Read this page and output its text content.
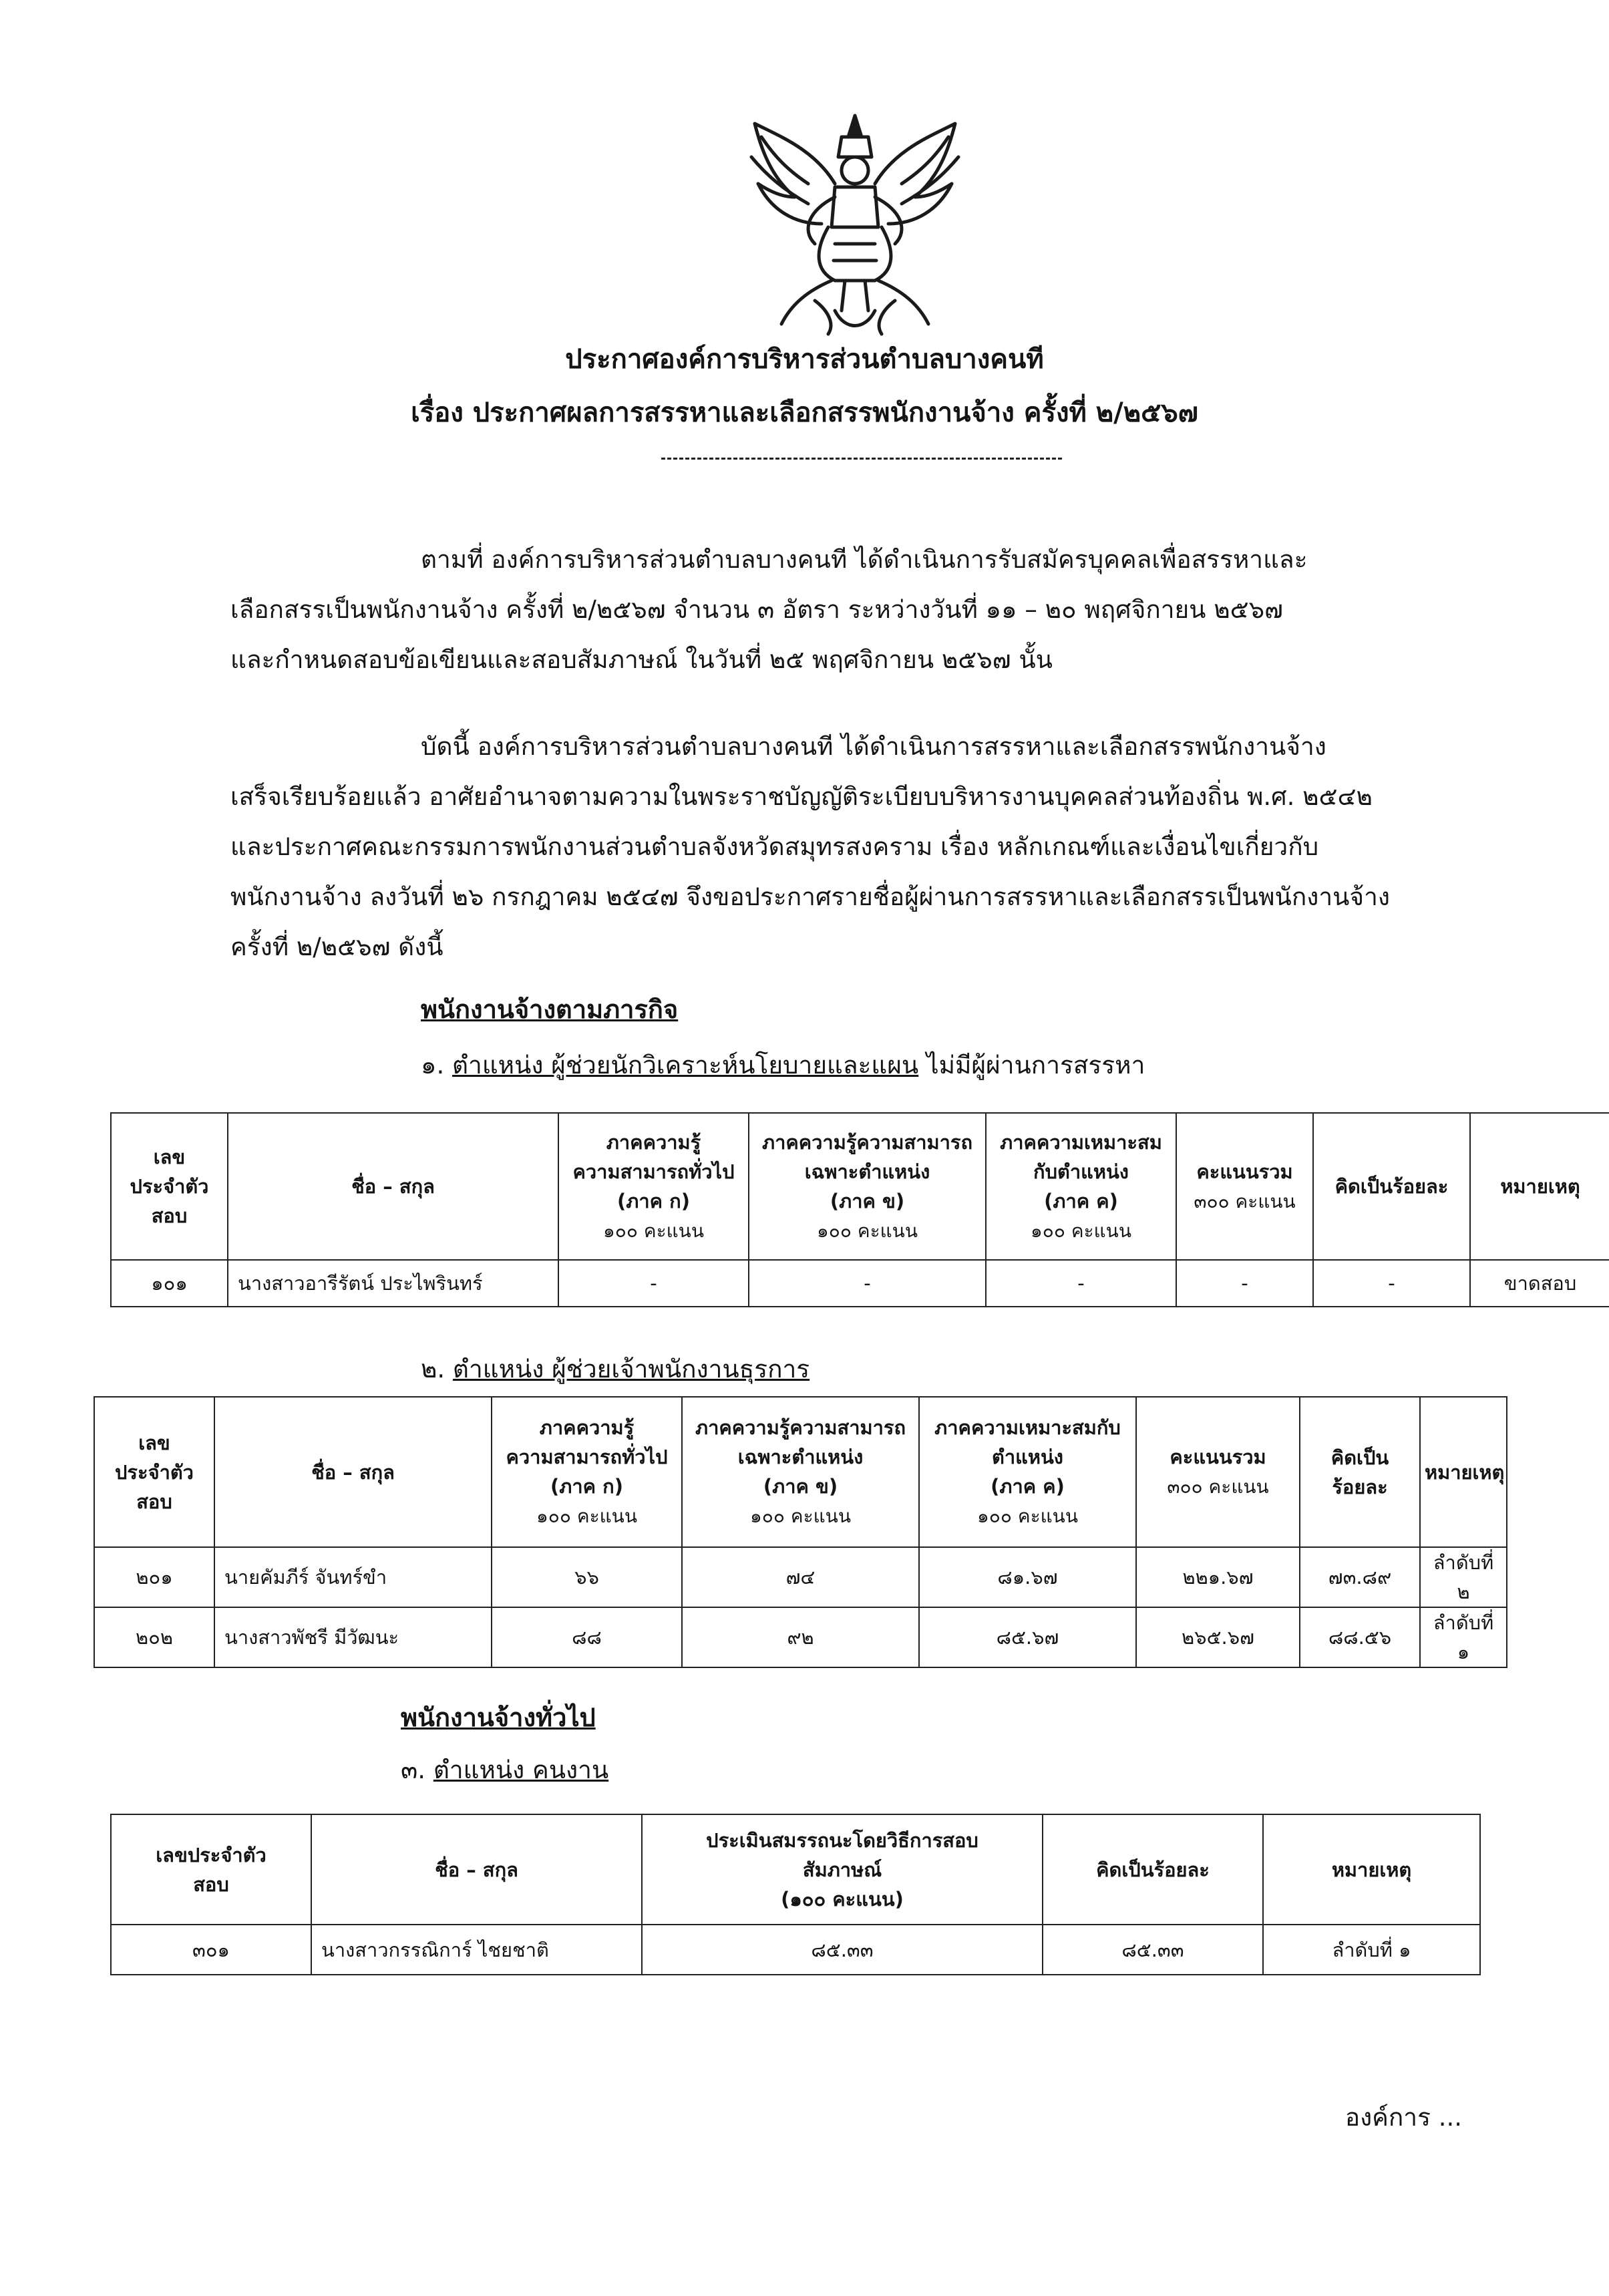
ประกาศองค์การบริหารส่วนตำบลบางคนที
เรื่อง ประกาศผลการสรรหาและเลือกสรรพนักงานจ้าง ครั้งที่ ๒/๒๕๖๗
ตามที่ องค์การบริหารส่วนตำบลบางคนที ได้ดำเนินการรับสมัครบุคคลเพื่อสรรหาและ
เลือกสรรเป็นพนักงานจ้าง ครั้งที่ ๒/๒๕๖๗ จำนวน ๓ อัตรา ระหว่างวันที่ ๑๑ – ๒๐ พฤศจิกายน ๒๕๖๗
และกำหนดสอบข้อเขียนและสอบสัมภาษณ์ ในวันที่ ๒๕ พฤศจิกายน ๒๕๖๗ นั้น
บัดนี้ องค์การบริหารส่วนตำบลบางคนที ได้ดำเนินการสรรหาและเลือกสรรพนักงานจ้าง
เสร็จเรียบร้อยแล้ว อาศัยอำนาจตามความในพระราชบัญญัติระเบียบบริหารงานบุคคลส่วนท้องถิ่น พ.ศ. ๒๕๔๒
และประกาศคณะกรรมการพนักงานส่วนตำบลจังหวัดสมุทรสงคราม เรื่อง หลักเกณฑ์และเงื่อนไขเกี่ยวกับ
พนักงานจ้าง ลงวันที่ ๒๖ กรกฎาคม ๒๕๔๗ จึงขอประกาศรายชื่อผู้ผ่านการสรรหาและเลือกสรรเป็นพนักงานจ้าง
ครั้งที่ ๒/๒๕๖๗ ดังนี้
พนักงานจ้างตามภารกิจ
๑. ตำแหน่ง ผู้ช่วยนักวิเคราะห์นโยบายและแผน ไม่มีผู้ผ่านการสรรหา
เลข
ประจำตัว
สอบ	ชื่อ – สกุล	ภาคความรู้
ความสามารถทั่วไป
(ภาค ก)
๑๐๐ คะแนน	ภาคความรู้ความสามารถ
เฉพาะตำแหน่ง
(ภาค ข)
๑๐๐ คะแนน	ภาคความเหมาะสม
กับตำแหน่ง
(ภาค ค)
๑๐๐ คะแนน	คะแนนรวม
๓๐๐ คะแนน	คิดเป็นร้อยละ	หมายเหตุ
๑๐๑	นางสาวอารีรัตน์ ประไพรินทร์	-	-	-	-	-	ขาดสอบ
๒. ตำแหน่ง ผู้ช่วยเจ้าพนักงานธุรการ
เลข
ประจำตัว
สอบ	ชื่อ – สกุล	ภาคความรู้
ความสามารถทั่วไป
(ภาค ก)
๑๐๐ คะแนน	ภาคความรู้ความสามารถ
เฉพาะตำแหน่ง
(ภาค ข)
๑๐๐ คะแนน	ภาคความเหมาะสมกับ
ตำแหน่ง
(ภาค ค)
๑๐๐ คะแนน	คะแนนรวม
๓๐๐ คะแนน	คิดเป็น
ร้อยละ	หมายเหตุ
๒๐๑	นายคัมภีร์ จันทร์ขำ	๖๖	๗๔	๘๑.๖๗	๒๒๑.๖๗	๗๓.๘๙	ลำดับที่ ๒
๒๐๒	นางสาวพัชรี มีวัฒนะ	๘๘	๙๒	๘๕.๖๗	๒๖๕.๖๗	๘๘.๕๖	ลำดับที่ ๑
พนักงานจ้างทั่วไป
๓. ตำแหน่ง คนงาน
เลขประจำตัว
สอบ	ชื่อ – สกุล	ประเมินสมรรถนะโดยวิธีการสอบ
สัมภาษณ์
(๑๐๐ คะแนน)	คิดเป็นร้อยละ	หมายเหตุ
๓๐๑	นางสาวกรรณิการ์ ไชยชาติ	๘๕.๓๓	๘๕.๓๓	ลำดับที่ ๑
องค์การ ...
